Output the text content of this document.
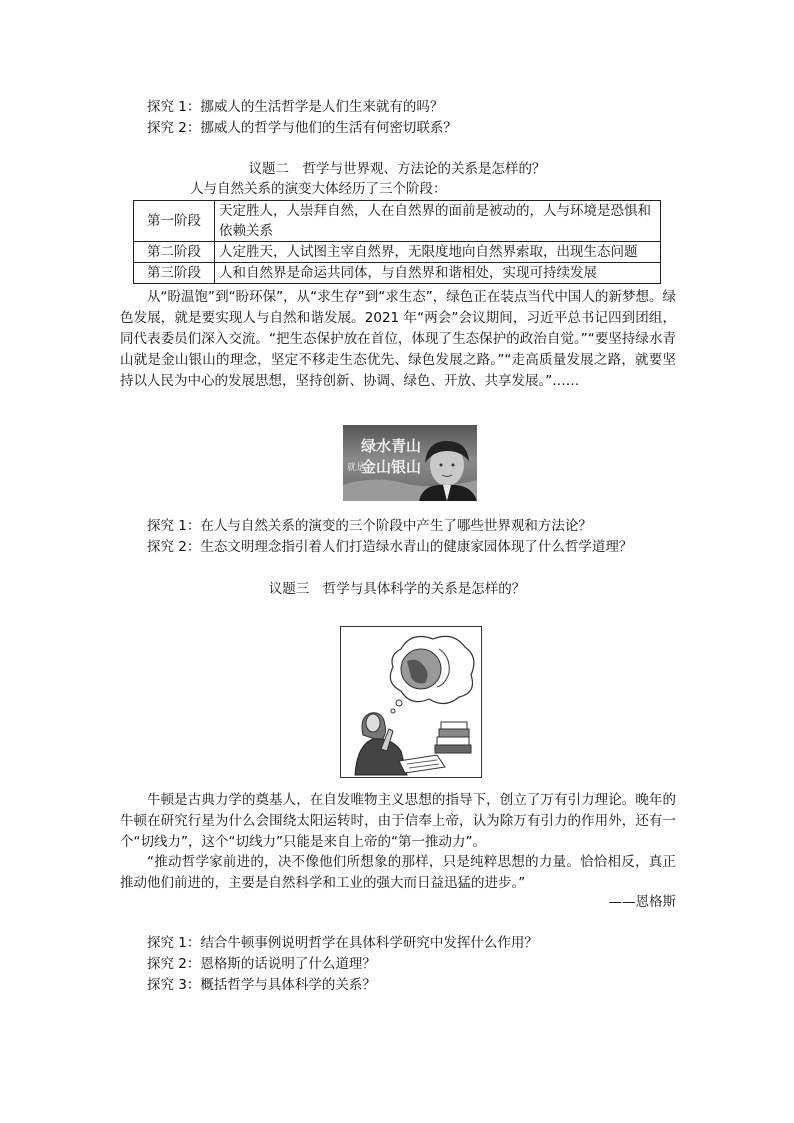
探究 1：挪威人的生活哲学是人们生来就有的吗？
探究 2：挪威人的哲学与他们的生活有何密切联系？
议题二　哲学与世界观、方法论的关系是怎样的？
人与自然关系的演变大体经历了三个阶段：
第一阶段	天定胜人，人崇拜自然，人在自然界的面前是被动的，人与环境是恐惧和依赖关系
第二阶段	人定胜天，人试图主宰自然界，无限度地向自然界索取，出现生态问题
第三阶段	人和自然界是命运共同体，与自然界和谐相处，实现可持续发展

从“盼温饱”到“盼环保”，从“求生存”到“求生态”，绿色正在装点当代中国人的新梦想。绿色发展，就是要实现人与自然和谐发展。2021 年“两会”会议期间，习近平总书记四到团组，同代表委员们深入交流。“把生态保护放在首位，体现了生态保护的政治自觉。”“要坚持绿水青山就是金山银山的理念，坚定不移走生态优先、绿色发展之路。”“走高质量发展之路，就要坚持以人民为中心的发展思想，坚持创新、协调、绿色、开放、共享发展。”……

绿水青山
就是
金山银山
探究 1：在人与自然关系的演变的三个阶段中产生了哪些世界观和方法论？
探究 2：生态文明理念指引着人们打造绿水青山的健康家园体现了什么哲学道理？
议题三　哲学与具体科学的关系是怎样的？

牛顿是古典力学的奠基人，在自发唯物主义思想的指导下，创立了万有引力理论。晚年的牛顿在研究行星为什么会围绕太阳运转时，由于信奉上帝，认为除万有引力的作用外，还有一个“切线力”，这个“切线力”只能是来自上帝的“第一推动力”。

“推动哲学家前进的，决不像他们所想象的那样，只是纯粹思想的力量。恰恰相反，真正推动他们前进的，主要是自然科学和工业的强大而日益迅猛的进步。”

——恩格斯
探究 1：结合牛顿事例说明哲学在具体科学研究中发挥什么作用？
探究 2：恩格斯的话说明了什么道理？
探究 3：概括哲学与具体科学的关系？
